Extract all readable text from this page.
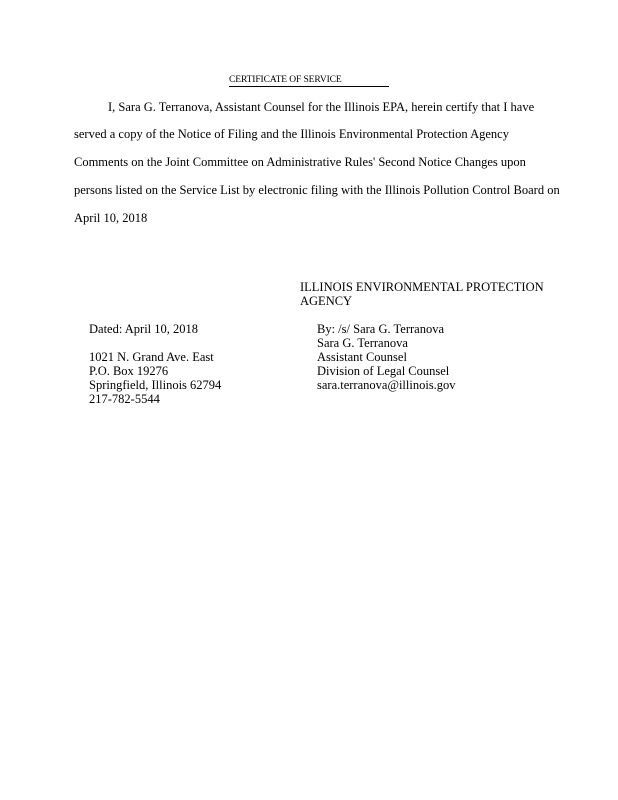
CERTIFICATE OF SERVICE
I, Sara G. Terranova, Assistant Counsel for the Illinois EPA, herein certify that I have
served a copy of the Notice of Filing and the Illinois Environmental Protection Agency
Comments on the Joint Committee on Administrative Rules' Second Notice Changes upon
persons listed on the Service List by electronic filing with the Illinois Pollution Control Board on
April 10, 2018
ILLINOIS ENVIRONMENTAL PROTECTION
AGENCY
Dated: April 10, 2018
1021 N. Grand Ave. East
P.O. Box 19276
Springfield, Illinois 62794
217-782-5544
By: /s/ Sara G. Terranova
Sara G. Terranova
Assistant Counsel
Division of Legal Counsel
sara.terranova@illinois.gov
